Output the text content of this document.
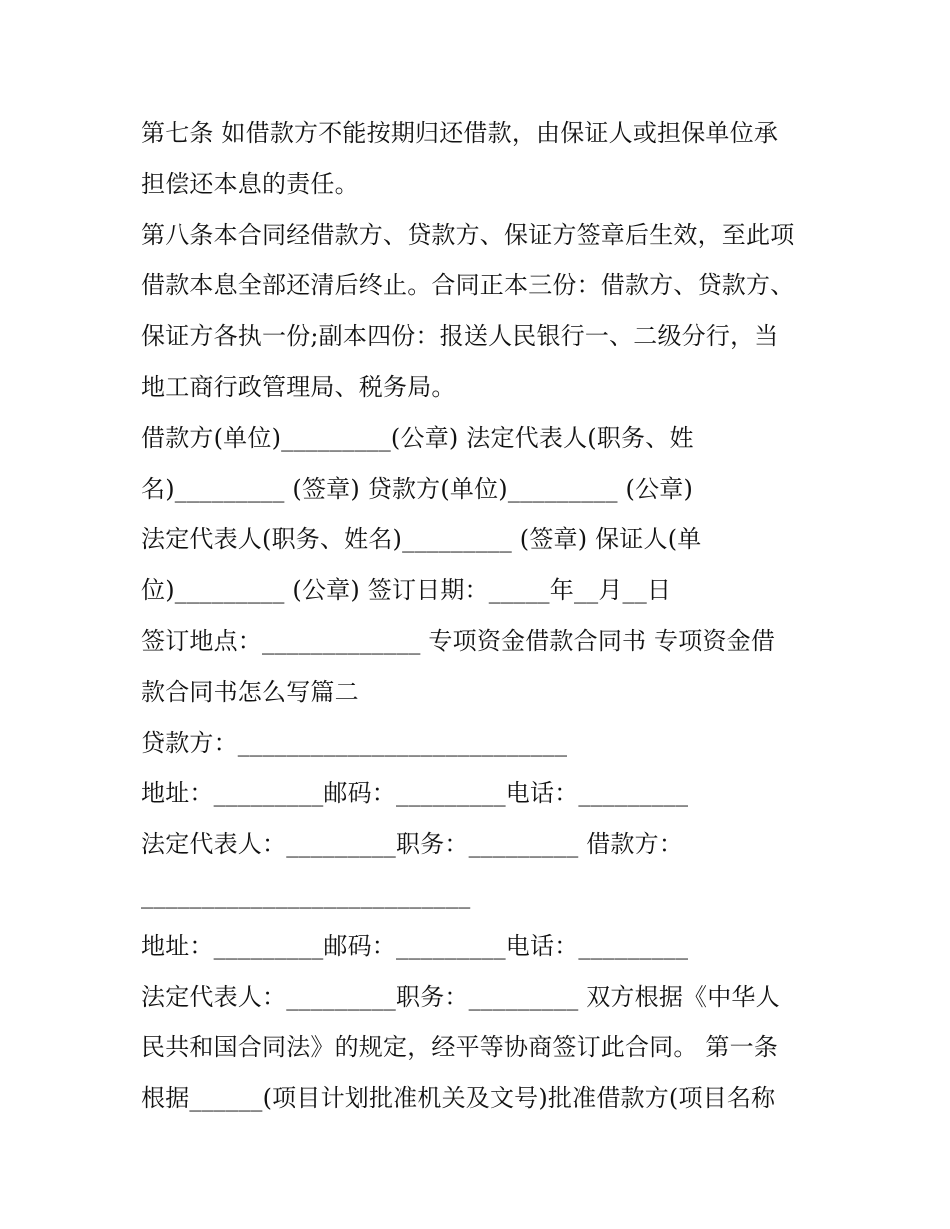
第七条 如借款方不能按期归还借款，由保证人或担保单位承
担偿还本息的责任。
第八条本合同经借款方、贷款方、保证方签章后生效，至此项
借款本息全部还清后终止。合同正本三份：借款方、贷款方、
保证方各执一份;副本四份：报送人民银行一、二级分行，当
地工商行政管理局、税务局。
借款方(单位)_________(公章) 法定代表人(职务、姓
名)_________ (签章) 贷款方(单位)_________ (公章)
法定代表人(职务、姓名)_________ (签章) 保证人(单
位)_________ (公章) 签订日期：_____年__月__日
签订地点：_____________ 专项资金借款合同书 专项资金借
款合同书怎么写篇二
贷款方：___________________________
地址：_________邮码：_________电话：_________
法定代表人：_________职务：_________ 借款方：
___________________________
地址：_________邮码：_________电话：_________
法定代表人：_________职务：_________ 双方根据《中华人
民共和国合同法》的规定，经平等协商签订此合同。 第一条
根据______(项目计划批准机关及文号)批准借款方(项目名称
